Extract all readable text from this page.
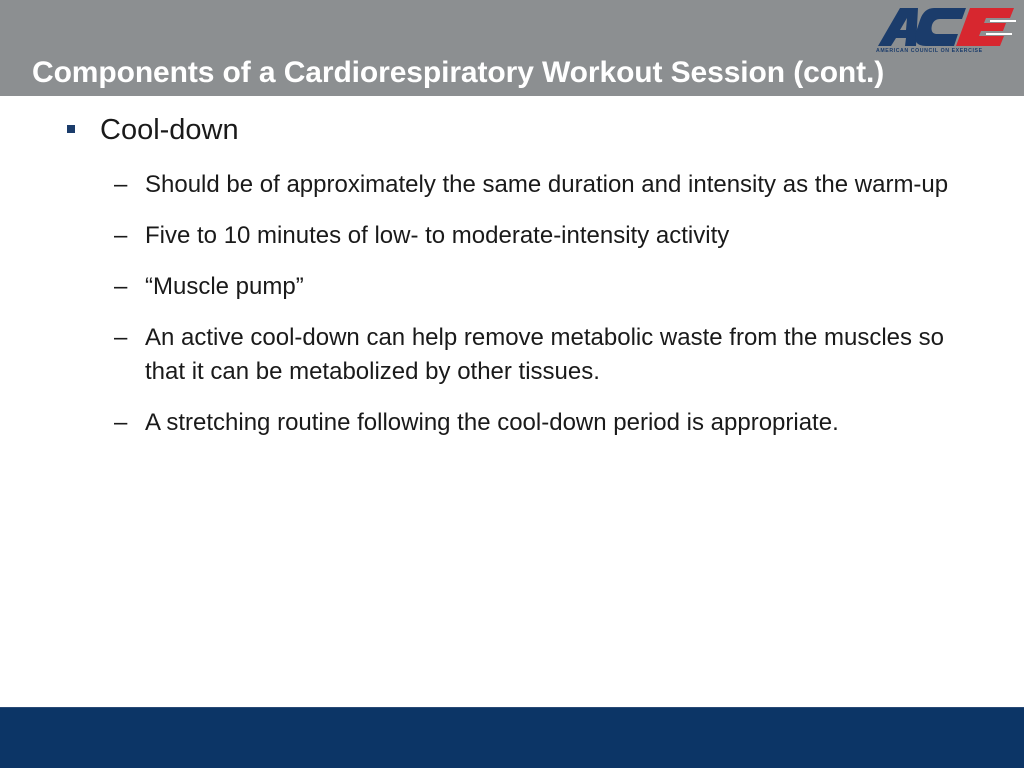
Components of a Cardiorespiratory Workout Session (cont.)
AMERICAN COUNCIL ON EXERCISE
Cool-down
– Should be of approximately the same duration and intensity as the warm-up
– Five to 10 minutes of low- to moderate-intensity activity
– “Muscle pump”
– An active cool-down can help remove metabolic waste from the muscles so that it can be metabolized by other tissues.
– A stretching routine following the cool-down period is appropriate.
